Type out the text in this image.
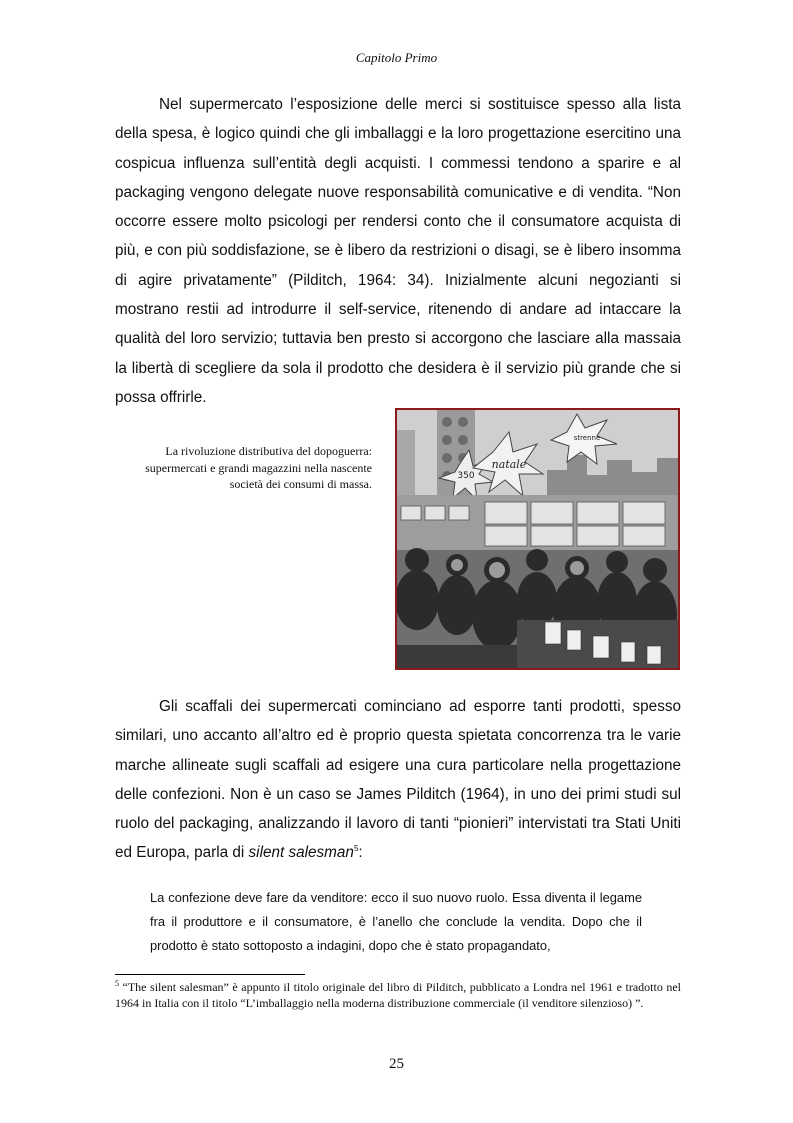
Capitolo Primo

Nel supermercato l’esposizione delle merci si sostituisce spesso alla lista della spesa, è logico quindi che gli imballaggi e la loro progettazione esercitino una cospicua influenza sull’entità degli acquisti. I commessi tendono a sparire e al packaging vengono delegate nuove responsabilità comunicative e di vendita. “Non occorre essere molto psicologi per rendersi conto che il consumatore acquista di più, e con più soddisfazione, se è libero da restrizioni o disagi, se è libero insomma di agire privatamente” (Pilditch, 1964: 34). Inizialmente alcuni negozianti si mostrano restii ad introdurre il self-service, ritenendo di andare ad intaccare la qualità del loro servizio; tuttavia ben presto si accorgono che lasciare alla massaia la libertà di scegliere da sola il prodotto che desidera è il servizio più grande che si possa offrirle.

La rivoluzione distributiva del dopoguerra: supermercati e grandi magazzini nella nascente società dei consumi di massa.

350
natale
strenne

Gli scaffali dei supermercati cominciano ad esporre tanti prodotti, spesso similari, uno accanto all’altro ed è proprio questa spietata concorrenza tra le varie marche allineate sugli scaffali ad esigere una cura particolare nella progettazione delle confezioni. Non è un caso se James Pilditch (1964), in uno dei primi studi sul ruolo del packaging, analizzando il lavoro di tanti “pionieri” intervistati tra Stati Uniti ed Europa, parla di silent salesman$^5$:

La confezione deve fare da venditore: ecco il suo nuovo ruolo. Essa diventa il legame fra il produttore e il consumatore, è l’anello che conclude la vendita. Dopo che il prodotto è stato sottoposto a indagini, dopo che è stato propagandato,

$^5$ “The silent salesman” è appunto il titolo originale del libro di Pilditch, pubblicato a Londra nel 1961 e tradotto nel 1964 in Italia con il titolo “L’imballaggio nella moderna distribuzione commerciale (il venditore silenzioso) ”.

25
